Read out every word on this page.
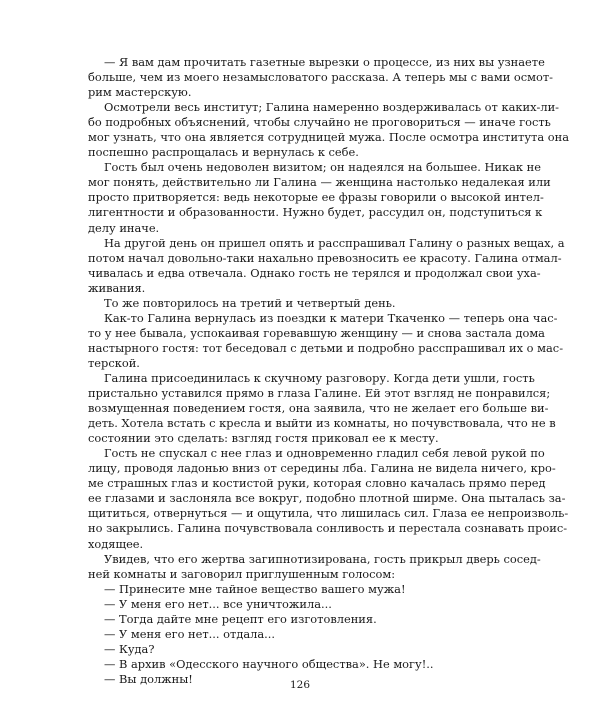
— Я вам дам прочитать газетные вырезки о процессе, из них вы узнаете
больше, чем из моего незамысловатого рассказа. А теперь мы с вами осмот-
рим мастерскую.
Осмотрели весь институт; Галина намеренно воздерживалась от каких-ли-
бо подробных объяснений, чтобы случайно не проговориться — иначе гость
мог узнать, что она является сотрудницей мужа. После осмотра института она
поспешно распрощалась и вернулась к себе.
Гость был очень недоволен визитом; он надеялся на большее. Никак не
мог понять, действительно ли Галина — женщина настолько недалекая или
просто притворяется: ведь некоторые ее фразы говорили о высокой интел-
лигентности и образованности. Нужно будет, рассудил он, подступиться к
делу иначе.
На другой день он пришел опять и расспрашивал Галину о разных вещах, а
потом начал довольно-таки нахально превозносить ее красоту. Галина отмал-
чивалась и едва отвечала. Однако гость не терялся и продолжал свои уха-
живания.
То же повторилось на третий и четвертый день.
Как-то Галина вернулась из поездки к матери Ткаченко — теперь она час-
то у нее бывала, успокаивая горевавшую женщину — и снова застала дома
настырного гостя: тот беседовал с детьми и подробно расспрашивал их о мас-
терской.
Галина присоединилась к скучному разговору. Когда дети ушли, гость
пристально уставился прямо в глаза Галине. Ей этот взгляд не понравился;
возмущенная поведением гостя, она заявила, что не желает его больше ви-
деть. Хотела встать с кресла и выйти из комнаты, но почувствовала, что не в
состоянии это сделать: взгляд гостя приковал ее к месту.
Гость не спускал с нее глаз и одновременно гладил себя левой рукой по
лицу, проводя ладонью вниз от середины лба. Галина не видела ничего, кро-
ме страшных глаз и костистой руки, которая словно качалась прямо перед
ее глазами и заслоняла все вокруг, подобно плотной ширме. Она пыталась за-
щититься, отвернуться — и ощутила, что лишилась сил. Глаза ее непроизволь-
но закрылись. Галина почувствовала сонливость и перестала сознавать проис-
ходящее.
Увидев, что его жертва загипнотизирована, гость прикрыл дверь сосед-
ней комнаты и заговорил приглушенным голосом:
— Принесите мне тайное вещество вашего мужа!
— У меня его нет... все уничтожила...
— Тогда дайте мне рецепт его изготовления.
— У меня его нет... отдала...
— Куда?
— В архив «Одесского научного общества». Не могу!..
— Вы должны!	126
